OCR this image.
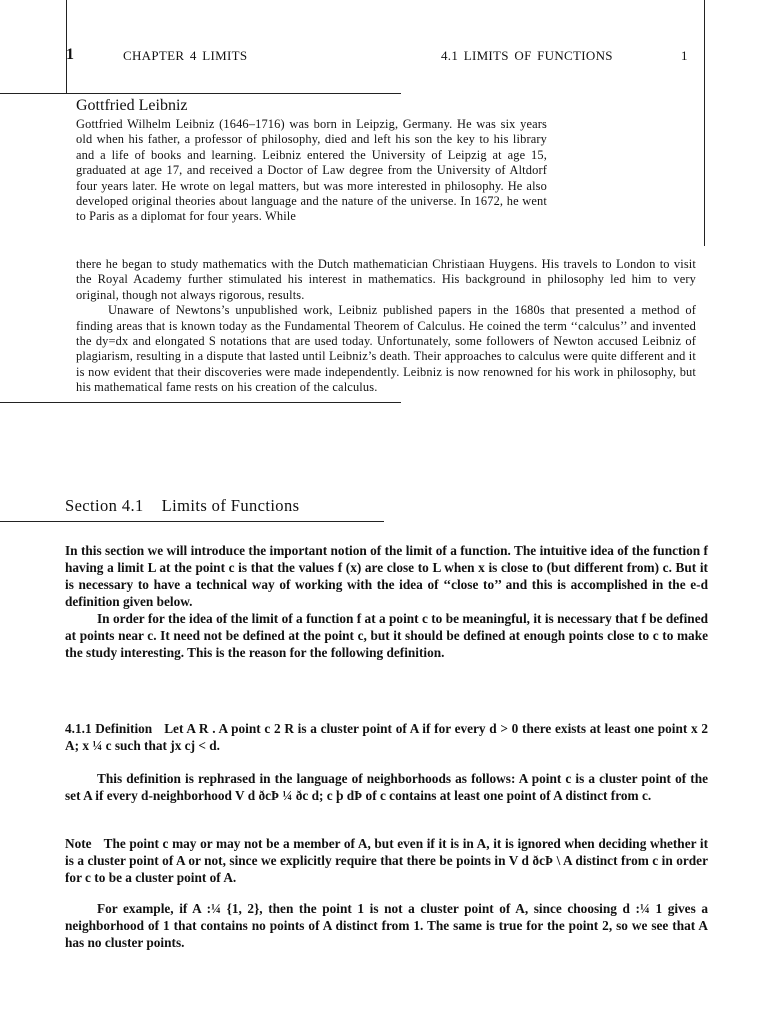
1	CHAPTER 4 LIMITS	4.1 LIMITS OF FUNCTIONS	1
Gottfried Leibniz

Gottfried Wilhelm Leibniz (1646–1716) was born in Leipzig, Germany. He was six years old when his father, a professor of philosophy, died and left his son the key to his library and a life of books and learning. Leibniz entered the University of Leipzig at age 15, graduated at age 17, and received a Doctor of Law degree from the University of Altdorf four years later. He wrote on legal matters, but was more interested in philosophy. He also developed original theories about language and the nature of the universe. In 1672, he went to Paris as a diplomat for four years. While

there he began to study mathematics with the Dutch mathematician Christiaan Huygens. His travels to London to visit the Royal Academy further stimulated his interest in mathematics. His background in philosophy led him to very original, though not always rigorous, results.

Unaware of Newtons’s unpublished work, Leibniz published papers in the 1680s that presented a method of finding areas that is known today as the Fundamental Theorem of Calculus. He coined the term ‘‘calculus’’ and invented the dy=dx and elongated S notations that are used today. Unfortunately, some followers of Newton accused Leibniz of plagiarism, resulting in a dispute that lasted until Leibniz’s death. Their approaches to calculus were quite different and it is now evident that their discoveries were made independently. Leibniz is now renowned for his work in philosophy, but his mathematical fame rests on his creation of the calculus.

Section 4.1 Limits of Functions

In this section we will introduce the important notion of the limit of a function. The intuitive idea of the function f having a limit L at the point c is that the values f (x) are close to L when x is close to (but different from) c. But it is necessary to have a technical way of working with the idea of ‘‘close to’’ and this is accomplished in the e-d definition given below.

In order for the idea of the limit of a function f at a point c to be meaningful, it is necessary that f be defined at points near c. It need not be defined at the point c, but it should be defined at enough points close to c to make the study interesting. This is the reason for the following definition.

4.1.1 Definition Let A R . A point c 2 R is a cluster point of A if for every d > 0 there exists at least one point x 2 A; x ¼ c such that jx cj < d.

This definition is rephrased in the language of neighborhoods as follows: A point c is a cluster point of the set A if every d-neighborhood V d ðcÞ ¼ ðc d; c þ dÞ of c contains at least one point of A distinct from c.

Note The point c may or may not be a member of A, but even if it is in A, it is ignored when deciding whether it is a cluster point of A or not, since we explicitly require that there be points in V d ðcÞ \ A distinct from c in order for c to be a cluster point of A.

For example, if A :¼ {1, 2}, then the point 1 is not a cluster point of A, since choosing d :¼ 1 gives a neighborhood of 1 that contains no points of A distinct from 1. The same is true for the point 2, so we see that A has no cluster points.
